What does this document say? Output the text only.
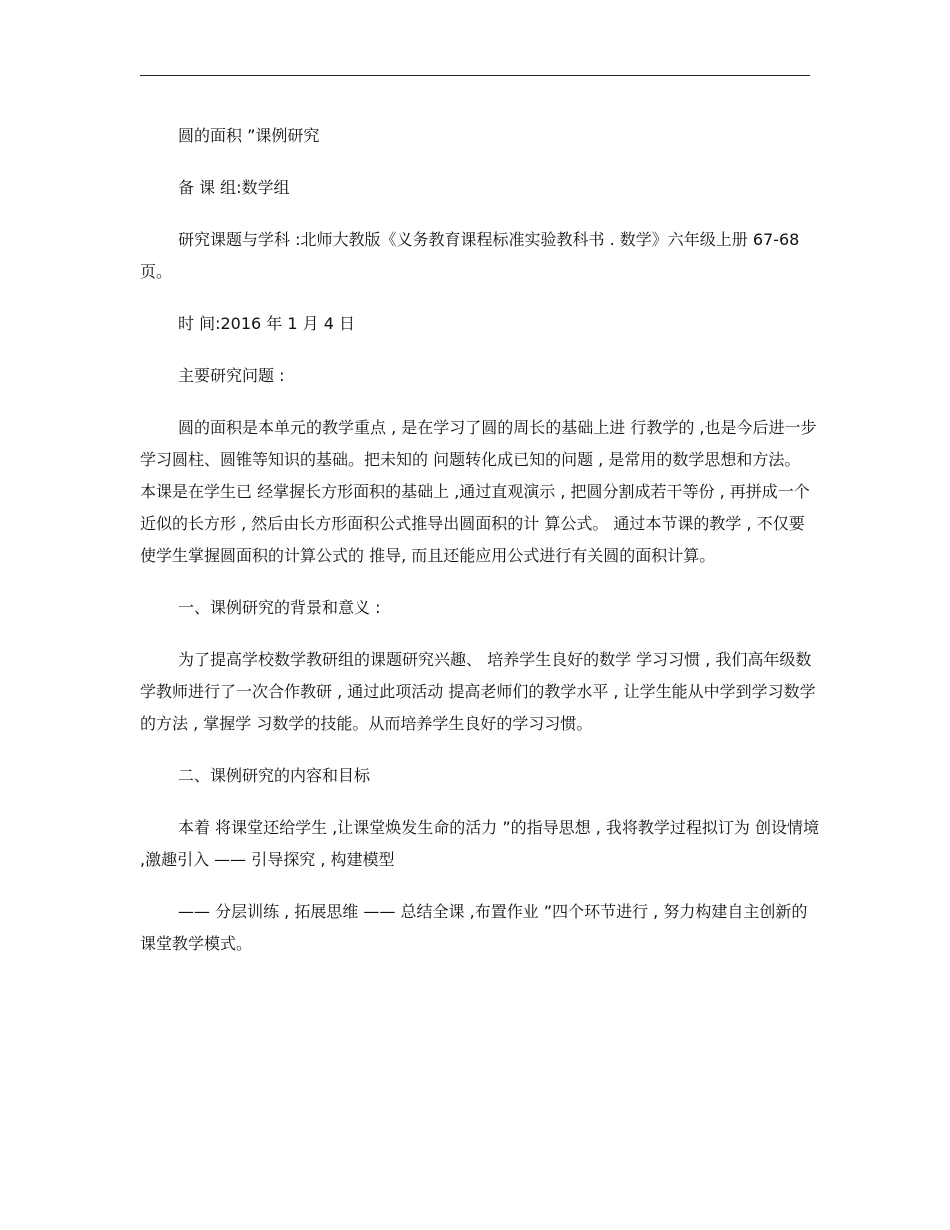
圆的面积 ”课例研究

备 课 组:数学组

研究课题与学科 :北师大教版《义务教育课程标准实验教科书 . 数学》六年级上册 67-68 页。

时 间:2016 年 1 月 4 日

主要研究问题 :

圆的面积是本单元的教学重点 , 是在学习了圆的周长的基础上进 行教学的 ,也是今后进一步学习圆柱、圆锥等知识的基础。把未知的 问题转化成已知的问题 , 是常用的数学思想和方法。 本课是在学生已 经掌握长方形面积的基础上 ,通过直观演示 , 把圆分割成若干等份 , 再拼成一个近似的长方形 , 然后由长方形面积公式推导出圆面积的计 算公式。 通过本节课的教学 , 不仅要使学生掌握圆面积的计算公式的 推导, 而且还能应用公式进行有关圆的面积计算。

一、课例研究的背景和意义 :

为了提高学校数学教研组的课题研究兴趣、 培养学生良好的数学 学习习惯 , 我们高年级数学教师进行了一次合作教研 , 通过此项活动 提高老师们的教学水平 , 让学生能从中学到学习数学的方法 , 掌握学 习数学的技能。从而培养学生良好的学习习惯。

二、课例研究的内容和目标

本着 将课堂还给学生 ,让课堂焕发生命的活力 ”的指导思想 , 我将教学过程拟订为 创设情境 ,激趣引入 —— 引导探究 , 构建模型

—— 分层训练 , 拓展思维 —— 总结全课 ,布置作业 ”四个环节进行 , 努力构建自主创新的课堂教学模式。
